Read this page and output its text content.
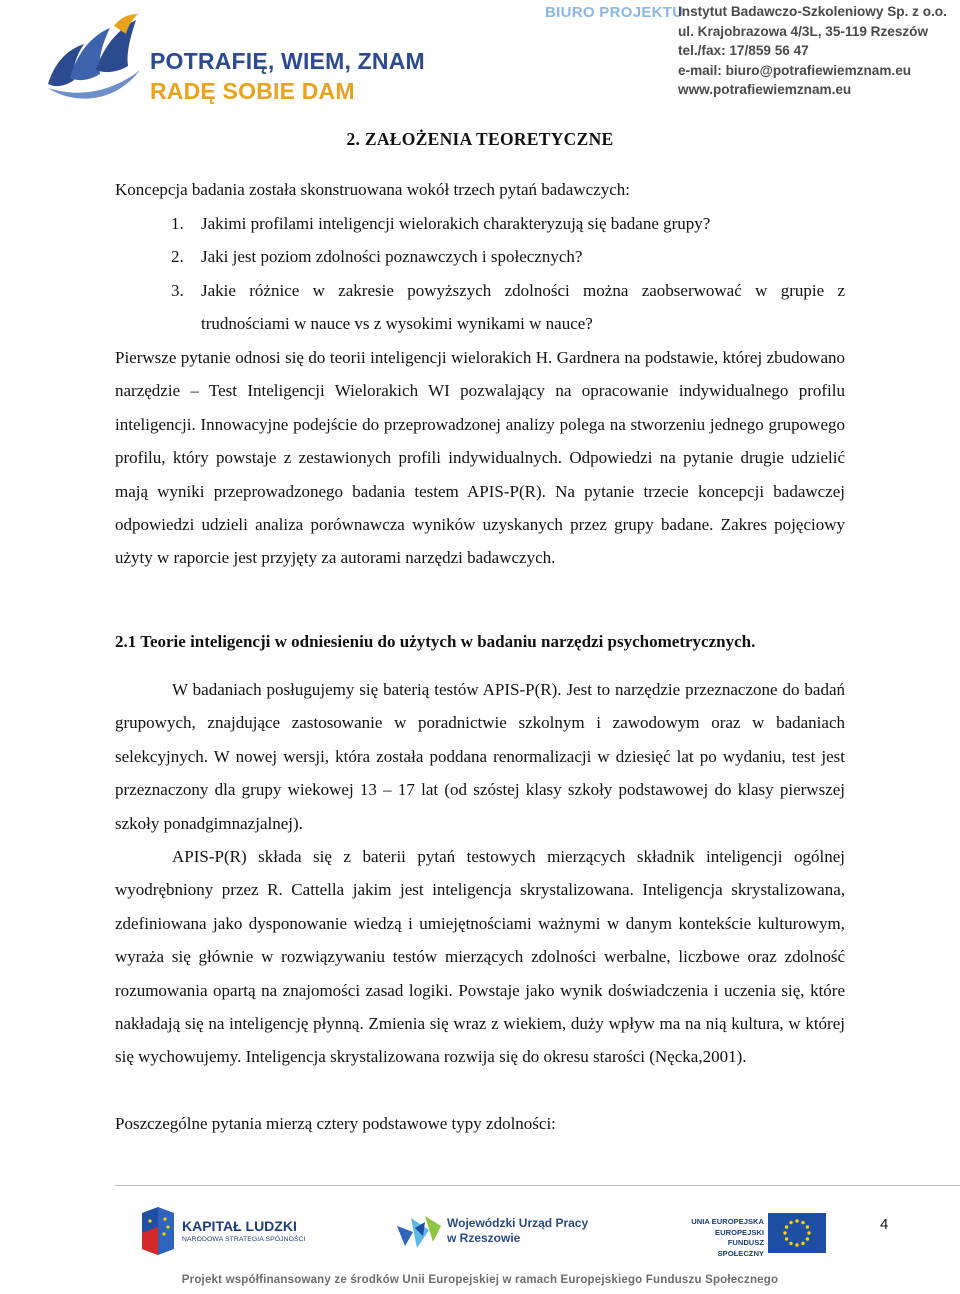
POTRAFIĘ, WIEM, ZNAM
RADĘ SOBIE DAM
BIURO PROJEKTU
Instytut Badawczo-Szkoleniowy Sp. z o.o.
ul. Krajobrazowa 4/3L, 35-119 Rzeszów
tel./fax: 17/859 56 47
e-mail: biuro@potrafiewiemznam.eu
www.potrafiewiemznam.eu
2. ZAŁOŻENIA TEORETYCZNE
Koncepcja badania została skonstruowana wokół trzech pytań badawczych:
1. Jakimi profilami inteligencji wielorakich charakteryzują się badane grupy?
2. Jaki jest poziom zdolności poznawczych i społecznych?
3. Jakie różnice w zakresie powyższych zdolności można zaobserwować w grupie z trudnościami w nauce vs z wysokimi wynikami w nauce?
Pierwsze pytanie odnosi się do teorii inteligencji wielorakich H. Gardnera na podstawie, której zbudowano narzędzie – Test Inteligencji Wielorakich WI pozwalający na opracowanie indywidualnego profilu inteligencji. Innowacyjne podejście do przeprowadzonej analizy polega na stworzeniu jednego grupowego profilu, który powstaje z zestawionych profili indywidualnych. Odpowiedzi na pytanie drugie udzielić mają wyniki przeprowadzonego badania testem APIS-P(R). Na pytanie trzecie koncepcji badawczej odpowiedzi udzieli analiza porównawcza wyników uzyskanych przez grupy badane. Zakres pojęciowy użyty w raporcie jest przyjęty za autorami narzędzi badawczych.
2.1 Teorie inteligencji w odniesieniu do użytych w badaniu narzędzi psychometrycznych.
W badaniach posługujemy się baterią testów APIS-P(R). Jest to narzędzie przeznaczone do badań grupowych, znajdujące zastosowanie w poradnictwie szkolnym i zawodowym oraz w badaniach selekcyjnych. W nowej wersji, która została poddana renormalizacji w dziesięć lat po wydaniu, test jest przeznaczony dla grupy wiekowej 13 – 17 lat (od szóstej klasy szkoły podstawowej do klasy pierwszej szkoły ponadgimnazjalnej).
APIS-P(R) składa się z baterii pytań testowych mierzących składnik inteligencji ogólnej wyodrębniony przez R. Cattella jakim jest inteligencja skrystalizowana. Inteligencja skrystalizowana, zdefiniowana jako dysponowanie wiedzą i umiejętnościami ważnymi w danym kontekście kulturowym, wyraża się głównie w rozwiązywaniu testów mierzących zdolności werbalne, liczbowe oraz zdolność rozumowania opartą na znajomości zasad logiki. Powstaje jako wynik doświadczenia i uczenia się, które nakładają się na inteligencję płynną. Zmienia się wraz z wiekiem, duży wpływ ma na nią kultura, w której się wychowujemy. Inteligencja skrystalizowana rozwija się do okresu starości (Nęcka,2001).
Poszczególne pytania mierzą cztery podstawowe typy zdolności:
KAPITAŁ LUDZKI
NARODOWA STRATEGIA SPÓJNOŚCI
Wojewódzki Urząd Pracy
w Rzeszowie
UNIA EUROPEJSKA
EUROPEJSKI
FUNDUSZ SPOŁECZNY
4
Projekt współfinansowany ze środków Unii Europejskiej w ramach Europejskiego Funduszu Społecznego
